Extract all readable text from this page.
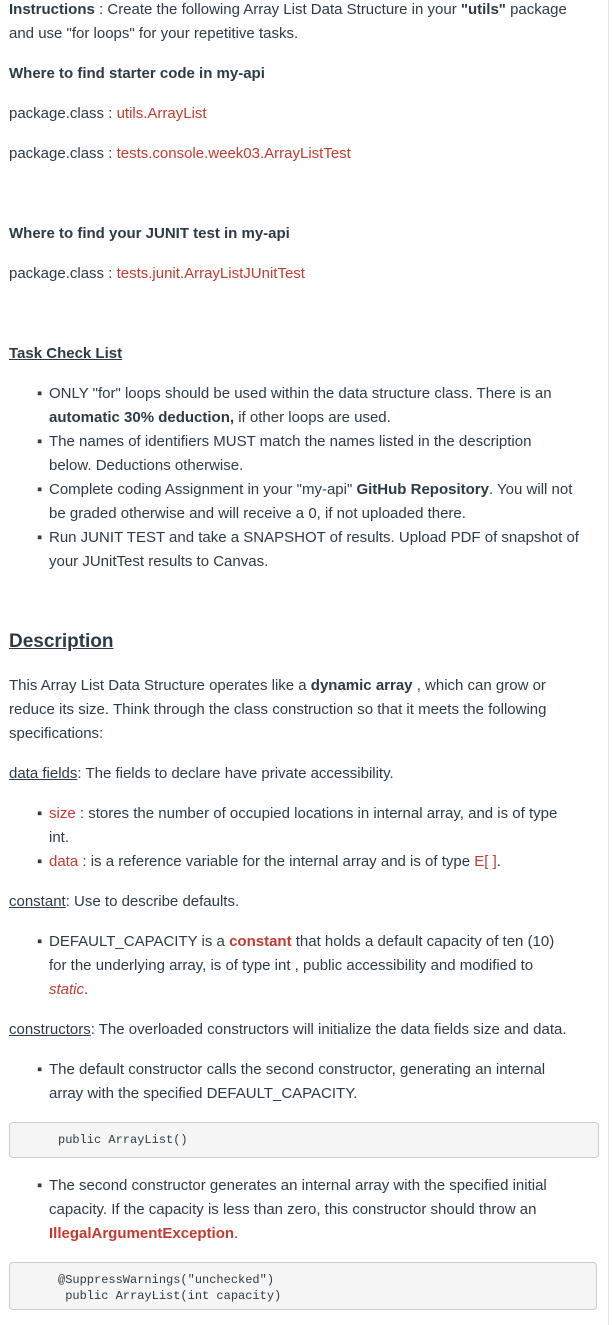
Instructions : Create the following Array List Data Structure in your "utils" package

and use "for loops" for your repetitive tasks.

Where to find starter code in my-api

package.class : utils.ArrayList

package.class : tests.console.week03.ArrayListTest

Where to find your JUNIT test in my-api

package.class : tests.junit.ArrayListJUnitTest

Task Check List

▪ ONLY "for" loops should be used within the data structure class. There is an
automatic 30% deduction, if other loops are used.
▪ The names of identifiers MUST match the names listed in the description
below. Deductions otherwise.
▪ Complete coding Assignment in your "my-api" GitHub Repository. You will not
be graded otherwise and will receive a 0, if not uploaded there.
▪ Run JUNIT TEST and take a SNAPSHOT of results. Upload PDF of snapshot of
your JUnitTest results to Canvas.

Description

This Array List Data Structure operates like a dynamic array , which can grow or

reduce its size. Think through the class construction so that it meets the following

specifications:

data fields: The fields to declare have private accessibility.

▪ size : stores the number of occupied locations in internal array, and is of type
int.
▪ data : is a reference variable for the internal array and is of type E[ ].

constant: Use to describe defaults.

▪ DEFAULT_CAPACITY is a constant that holds a default capacity of ten (10)
for the underlying array, is of type int , public accessibility and modified to
static.

constructors: The overloaded constructors will initialize the data fields size and data.

▪ The default constructor calls the second constructor, generating an internal
array with the specified DEFAULT_CAPACITY.
public ArrayList()
▪ The second constructor generates an internal array with the specified initial
capacity. If the capacity is less than zero, this constructor should throw an
IllegalArgumentException.
@SuppressWarnings("unchecked")
public ArrayList(int capacity)
